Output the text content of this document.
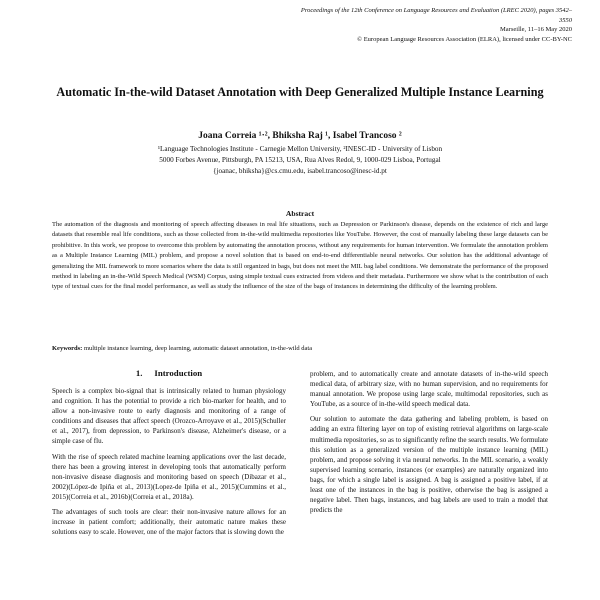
Proceedings of the 12th Conference on Language Resources and Evaluation (LREC 2020), pages 3542–3550
Marseille, 11–16 May 2020
© European Language Resources Association (ELRA), licensed under CC-BY-NC
Automatic In-the-wild Dataset Annotation with Deep Generalized Multiple Instance Learning
Joana Correia ¹·², Bhiksha Raj ¹, Isabel Trancoso ²
¹Language Technologies Institute - Carnegie Mellon University, ²INESC-ID - University of Lisbon
5000 Forbes Avenue, Pittsburgh, PA 15213, USA, Rua Alves Redol, 9, 1000-029 Lisboa, Portugal
{joanac, bhiksha}@cs.cmu.edu, isabel.trancoso@inesc-id.pt
Abstract

The automation of the diagnosis and monitoring of speech affecting diseases in real life situations, such as Depression or Parkinson's disease, depends on the existence of rich and large datasets that resemble real life conditions, such as those collected from in-the-wild multimedia repositories like YouTube. However, the cost of manually labeling these large datasets can be prohibitive. In this work, we propose to overcome this problem by automating the annotation process, without any requirements for human intervention. We formulate the annotation problem as a Multiple Instance Learning (MIL) problem, and propose a novel solution that is based on end-to-end differentiable neural networks. Our solution has the additional advantage of generalizing the MIL framework to more scenarios where the data is still organized in bags, but does not meet the MIL bag label conditions. We demonstrate the performance of the proposed method in labeling an in-the-Wild Speech Medical (WSM) Corpus, using simple textual cues extracted from videos and their metadata. Furthermore we show what is the contribution of each type of textual cues for the final model performance, as well as study the influence of the size of the bags of instances in determining the difficulty of the learning problem.

Keywords: multiple instance learning, deep learning, automatic dataset annotation, in-the-wild data

1. Introduction

Speech is a complex bio-signal that is intrinsically related to human physiology and cognition. It has the potential to provide a rich bio-marker for health, and to allow a non-invasive route to early diagnosis and monitoring of a range of conditions and diseases that affect speech (Orozco-Arroyave et al., 2015)(Schuller et al., 2017), from depression, to Parkinson's disease, Alzheimer's disease, or a simple case of flu.

With the rise of speech related machine learning applications over the last decade, there has been a growing interest in developing tools that automatically perform non-invasive disease diagnosis and monitoring based on speech (Dibazar et al., 2002)(López-de Ipiña et al., 2013)(Lopez-de Ipiña et al., 2015)(Cummins et al., 2015)(Correia et al., 2016b)(Correia et al., 2018a).

The advantages of such tools are clear: their non-invasive nature allows for an increase in patient comfort; additionally, their automatic nature makes these solutions easy to scale. However, one of the major factors that is slowing down the

problem, and to automatically create and annotate datasets of in-the-wild speech medical data, of arbitrary size, with no human supervision, and no requirements for manual annotation. We propose using large scale, multimodal repositories, such as YouTube, as a source of in-the-wild speech medical data.

Our solution to automate the data gathering and labeling problem, is based on adding an extra filtering layer on top of existing retrieval algorithms on large-scale multimedia repositories, so as to significantly refine the search results. We formulate this solution as a generalized version of the multiple instance learning (MIL) problem, and propose solving it via neural networks. In the MIL scenario, a weakly supervised learning scenario, instances (or examples) are naturally organized into bags, for which a single label is assigned. A bag is assigned a positive label, if at least one of the instances in the bag is positive, otherwise the bag is assigned a negative label. Then bags, instances, and bag labels are used to train a model that predicts the
